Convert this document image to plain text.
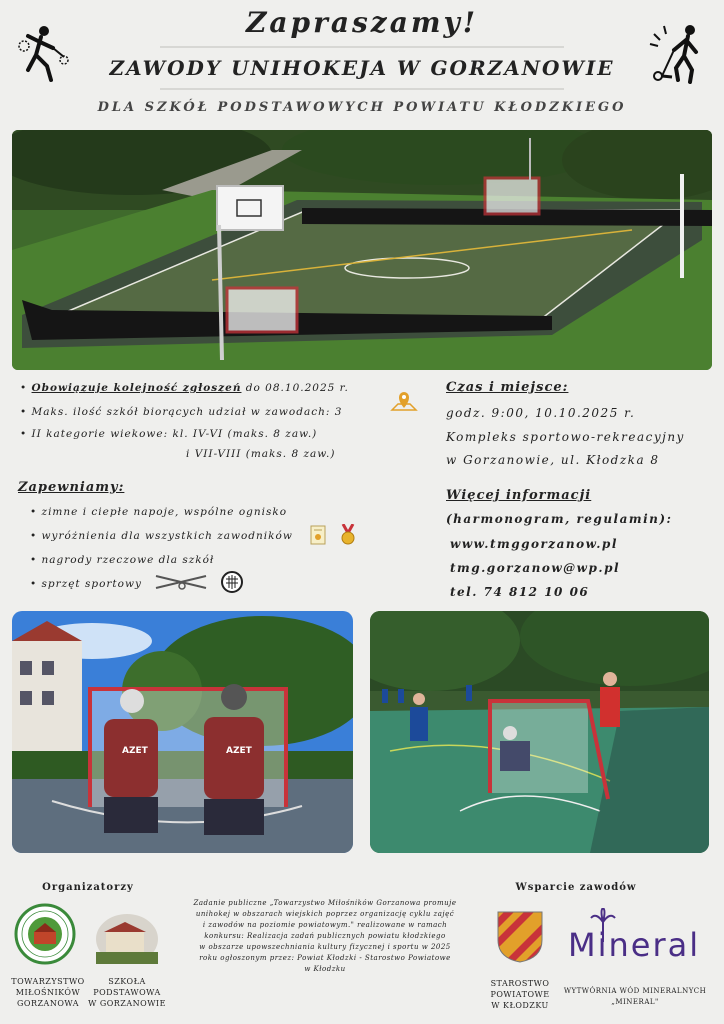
Zapraszamy!
ZAWODY UNIHOKEJA W GORZANOWIE
DLA SZKÓŁ PODSTAWOWYCH POWIATU KŁODZKIEGO
• Obowiązuje kolejność zgłoszeń do 08.10.2025 r.
• Maks. ilość szkół biorących udział w zawodach: 3
• II kategorie wiekowe: kl. IV-VI (maks. 8 zaw.)
i VII-VIII (maks. 8 zaw.)
Czas i miejsce:
godz. 9:00, 10.10.2025 r.
Kompleks sportowo-rekreacyjny
w Gorzanowie, ul. Kłodzka 8
Zapewniamy:
• zimne i ciepłe napoje, wspólne ognisko
• wyróżnienia dla wszystkich zawodników
• nagrody rzeczowe dla szkół
• sprzęt sportowy
Więcej informacji
(harmonogram, regulamin):
www.tmggorzanow.pl
tmg.gorzanow@wp.pl
tel. 74 812 10 06
AZET	AZET
Organizatorzy
TOWARZYSTWO
MIŁOŚNIKÓW
GORZANOWA
SZKOŁA
PODSTAWOWA
W GORZANOWIE
Zadanie publiczne „Towarzystwo Miłośników Gorzanowa promuje
unihokej w obszarach wiejskich poprzez organizację cyklu zajęć
i zawodów na poziomie powiatowym." realizowane w ramach
konkursu: Realizacja zadań publicznych powiatu kłodzkiego
w obszarze upowszechniania kultury fizycznej i sportu w 2025
roku ogłoszonym przez: Powiat Kłodzki - Starostwo Powiatowe
w Kłodzku
Wsparcie zawodów
STAROSTWO
POWIATOWE
W KŁODZKU
Mineral
WYTWÓRNIA WÓD MINERALNYCH
„MINERAL"
